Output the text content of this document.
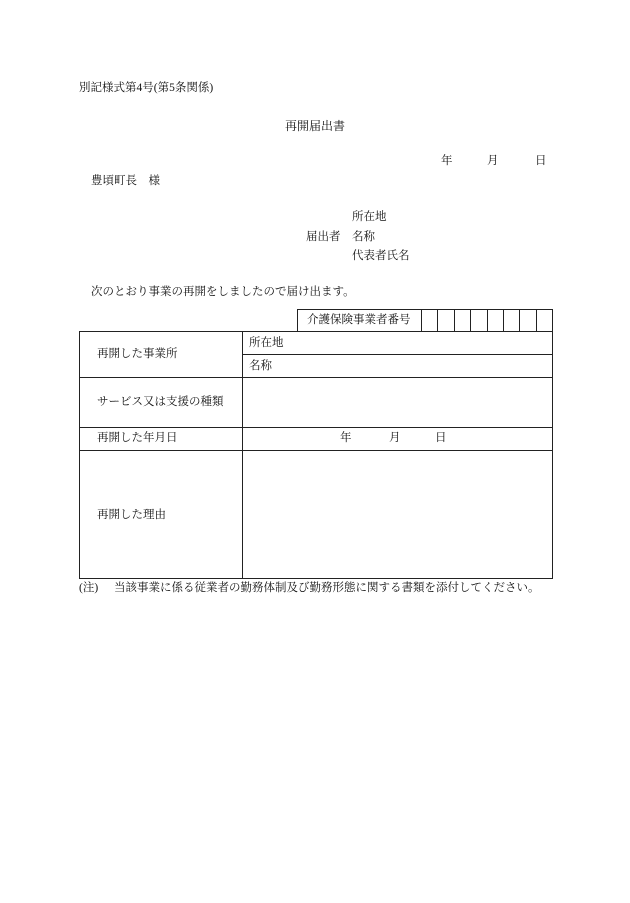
別記様式第4号(第5条関係)
再開届出書
年	月	日
豊頃町長　様
所在地
届出者 名称
代表者氏名
次のとおり事業の再開をしましたので届け出ます。
介護保険事業者番号
再開した事業所
所在地
名称
サービス又は支援の種類
再開した年月日	年	月	日
再開した理由
(注) 当該事業に係る従業者の勤務体制及び勤務形態に関する書類を添付してください。
